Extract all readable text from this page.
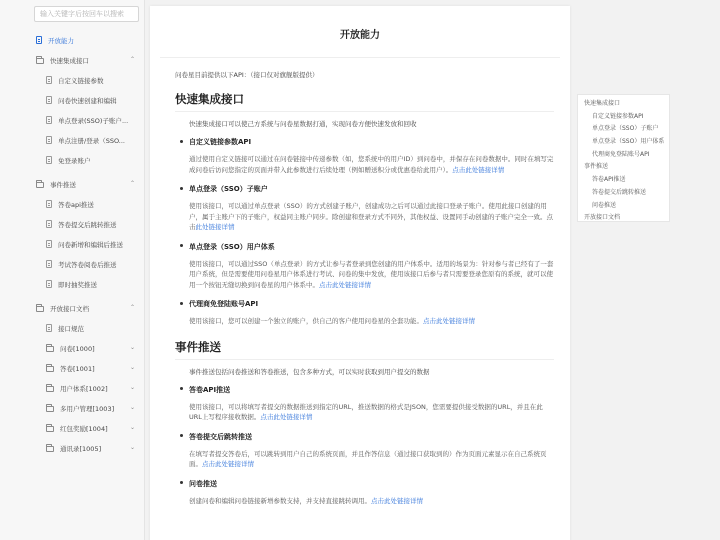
输入关键字后按回车以搜索
开放能力
快速集成接口	⌃
自定义链接参数
问卷快速创建和编辑
单点登录(SSO)子账户...
单点注册/登录（SSO...
免登录账户
事件推送	⌃
答卷api推送
答卷提交后跳转推送
问卷新增和编辑后推送
考试答卷阅卷后推送
即时抽奖推送
开放接口文档	⌃
接口规范
问卷[1000]	⌄
答卷[1001]	⌄
用户体系[1002]	⌄
多用户管理[1003]	⌄
红包奖励[1004]	⌄
通讯录[1005]	⌄
开放能力
问卷星目前提供以下API：（接口仅对旗舰版提供）
快速集成接口
快速集成接口可以使己方系统与问卷星数据打通，实现问卷方便快速发放和回收
自定义链接参数API

通过使用自定义链接可以通过在问卷链接中传递参数（如，您系统中的用户ID）到问卷中，并保存在问卷数据中。同时在填写完成问卷后访问您指定的页面并带入此参数进行后续处理（例如赠送积分或优惠卷给此用户）。点击此处链接详情

单点登录（SSO）子账户

使用该接口，可以通过单点登录（SSO）的方式创建子账户，创建成功之后可以通过此接口登录子账户。使用此接口创建的用户，属于主账户下的子账户，权益同主账户同步。除创建和登录方式不同外，其他权益、设置同手动创建的子账户完全一致。点击此处链接详情

单点登录（SSO）用户体系

使用该接口，可以通过SSO（单点登录）的方式让参与者登录到您创建的用户体系中。适用的场景为：针对参与者已经有了一套用户系统，但是需要使用问卷星用户体系进行考试、问卷的集中发放，使用该接口后参与者只需要登录您原有的系统，就可以使用一个按钮无缝切换到问卷星的用户体系中。点击此处链接详情

代理商免登陆账号API

使用该接口，您可以创建一个独立的账户，供自己的客户使用问卷星的全套功能。点击此处链接详情

事件推送
事件推送包括问卷推送和答卷推送，包含多种方式，可以实时获取到用户提交的数据
答卷API推送

使用该接口，可以将填写者提交的数据推送到指定的URL，推送数据的格式是JSON，您需要提供接受数据的URL，并且在此URL上写程序接收数据。点击此处链接详情

答卷提交后跳转推送

在填写者提交答卷后，可以跳转到用户自己的系统页面，并且作答信息（通过接口获取到的）作为页面元素显示在自己系统页面。点击此处链接详情

问卷推送

创建问卷和编辑问卷链接新增参数支持，并支持直接跳转调用。点击此处链接详情

快速集成接口
自定义链接参数API
单点登录（SSO）子账户
单点登录（SSO）用户体系
代理商免登陆账号API
事件推送
答卷API推送
答卷提交后跳转推送
问卷推送
开放接口文档
